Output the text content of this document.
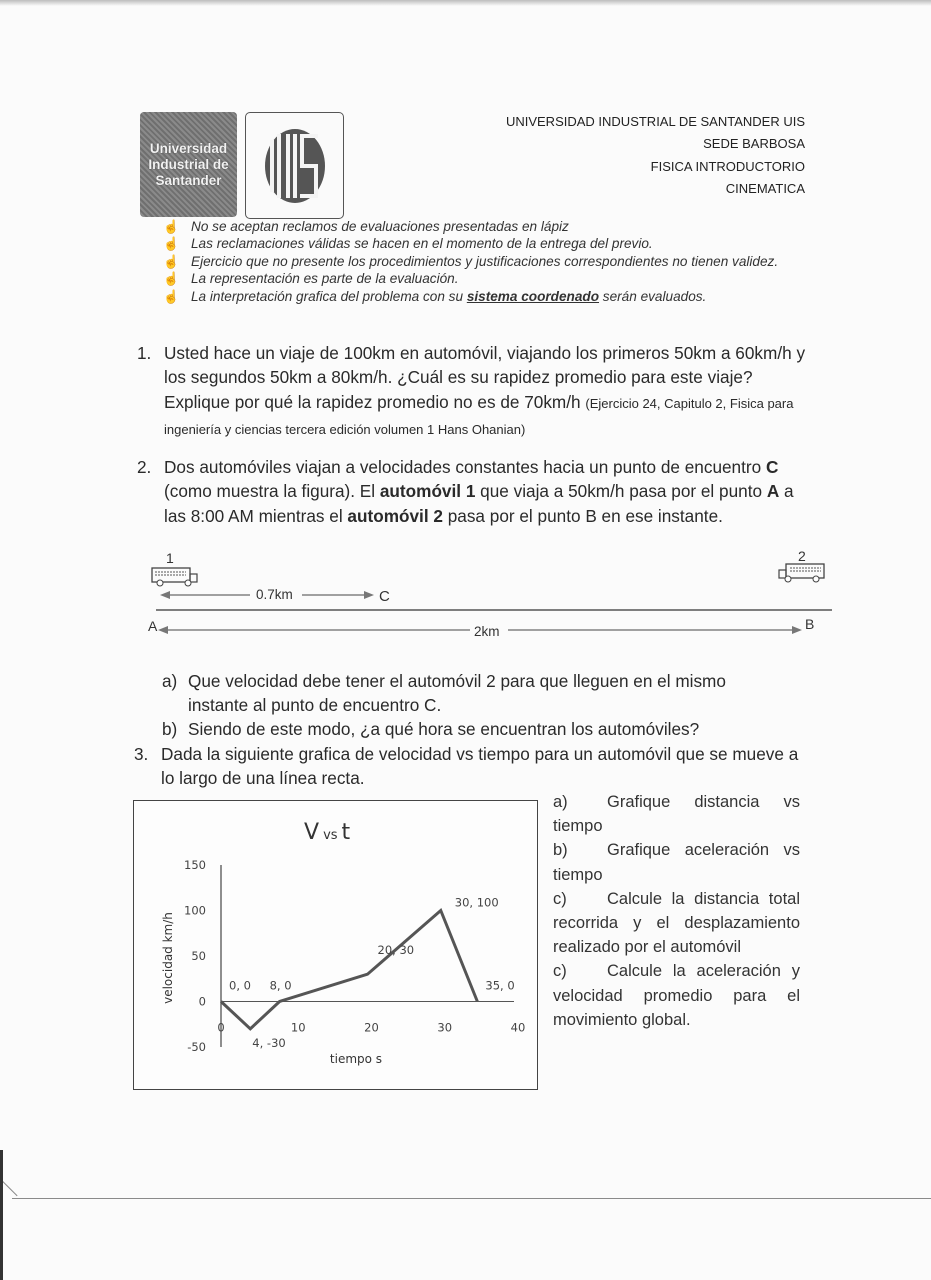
Universidad
Industrial de
Santander
UNIVERSIDAD INDUSTRIAL DE SANTANDER UIS
SEDE BARBOSA
FISICA INTRODUCTORIO
CINEMATICA
☝ No se aceptan reclamos de evaluaciones presentadas en lápiz
☝ Las reclamaciones válidas se hacen en el momento de la entrega del previo.
☝ Ejercicio que no presente los procedimientos y justificaciones correspondientes no tienen validez.
☝ La representación es parte de la evaluación.
☝ La interpretación grafica del problema con su sistema coordenado serán evaluados.
1. Usted hace un viaje de 100km en automóvil, viajando los primeros 50km a 60km/h y los segundos 50km a 80km/h. ¿Cuál es su rapidez promedio para este viaje? Explique por qué la rapidez promedio no es de 70km/h (Ejercicio 24, Capitulo 2, Fisica para ingeniería y ciencias tercera edición volumen 1 Hans Ohanian)
2. Dos automóviles viajan a velocidades constantes hacia un punto de encuentro C (como muestra la figura). El automóvil 1 que viaja a 50km/h pasa por el punto A a las 8:00 AM mientras el automóvil 2 pasa por el punto B en ese instante.
1	2
0.7km	C
A	2km	B
a) Que velocidad debe tener el automóvil 2 para que lleguen en el mismo instante al punto de encuentro C.
b) Siendo de este modo, ¿a qué hora se encuentran los automóviles?
3. Dada la siguiente grafica de velocidad vs tiempo para un automóvil que se mueve a lo largo de una línea recta.
Vvs t
velocidad km/h
tiempo s
150
100
50
0
-50
0	10	20	30	40
0, 0
4, -30
8, 0
20, 30
30, 100
35, 0
a) Grafique distancia vs tiempo
b) Grafique aceleración vs tiempo
c) Calcule la distancia total recorrida y el desplazamiento realizado por el automóvil
c) Calcule la aceleración y velocidad promedio para el movimiento global.
